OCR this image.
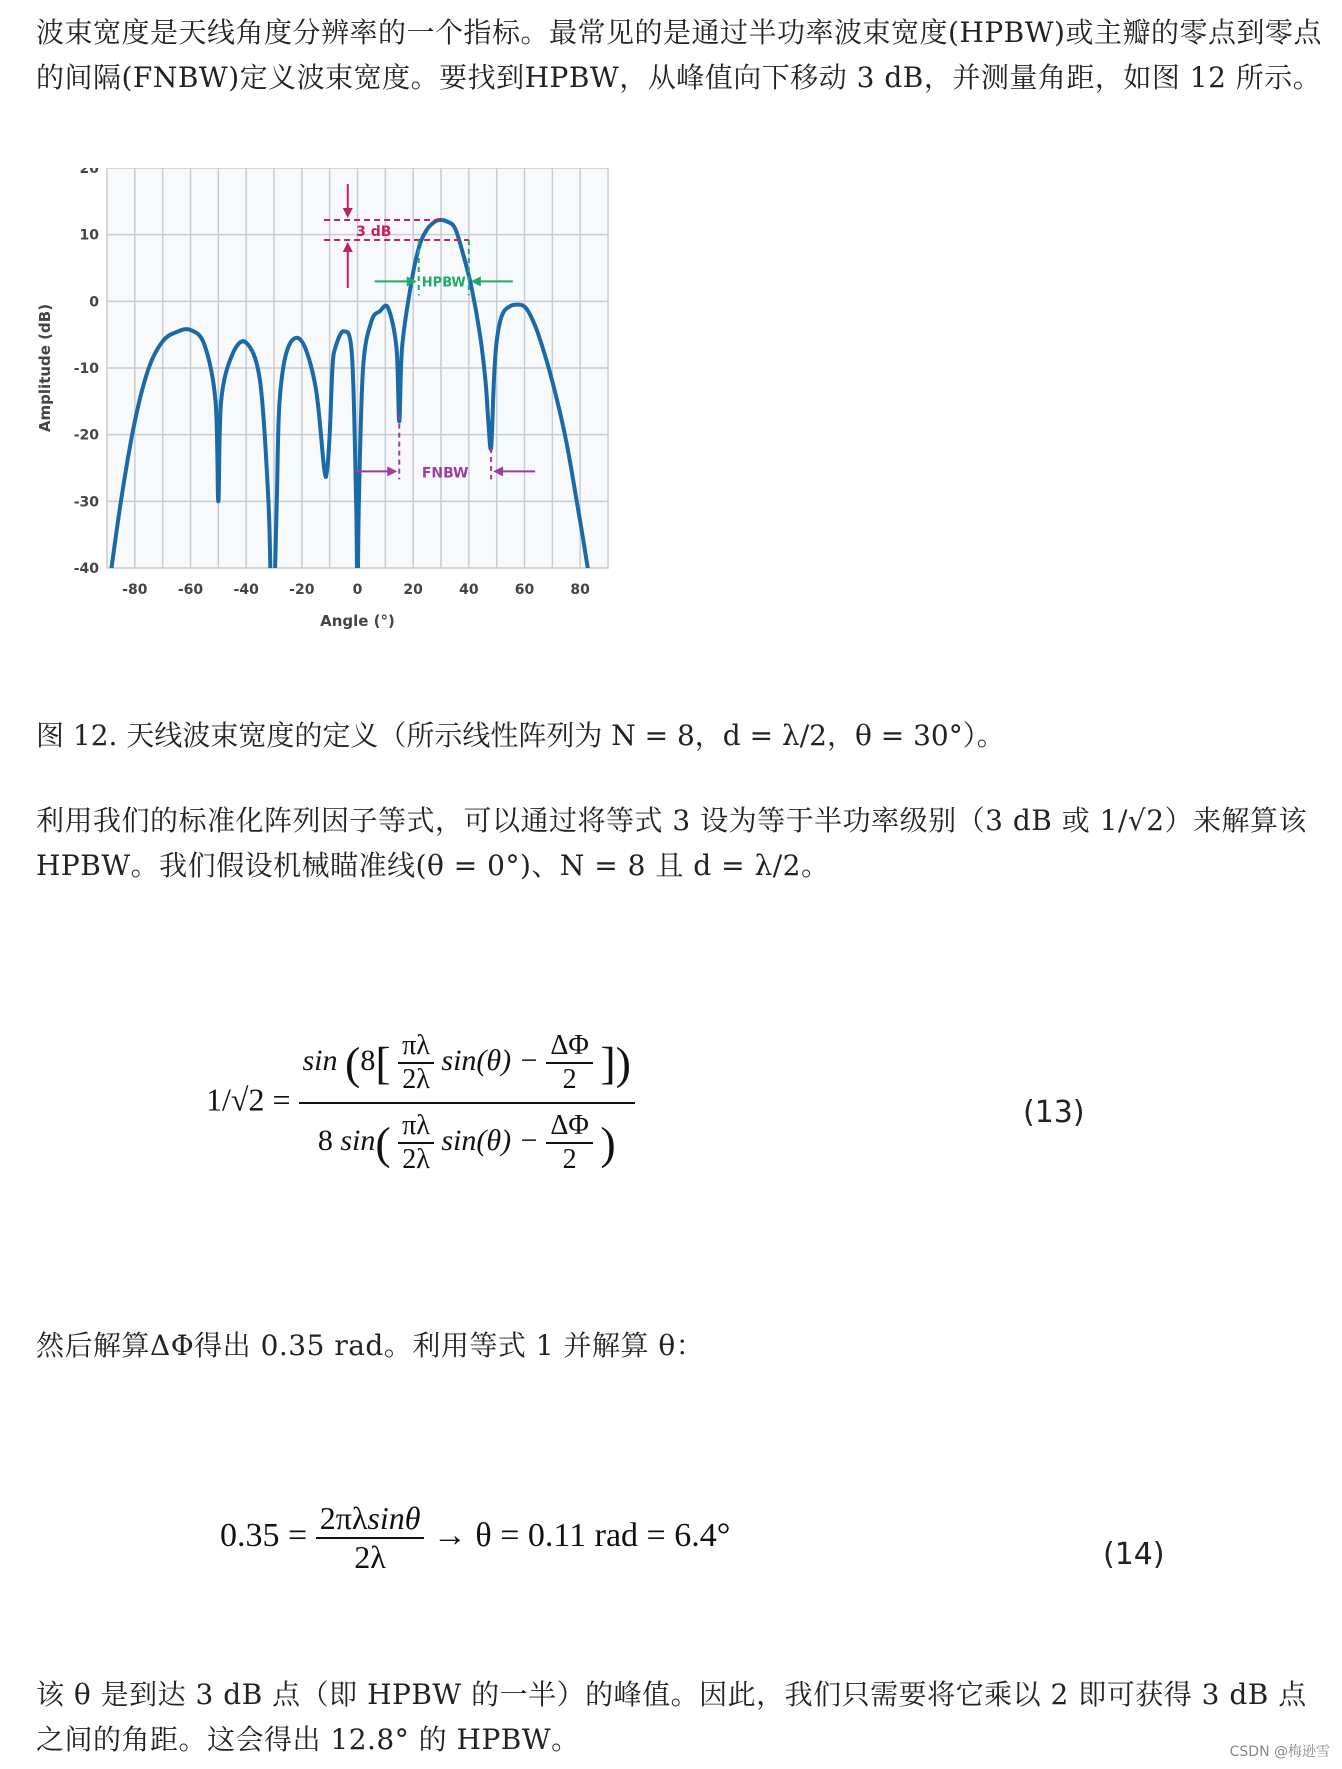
波束宽度是天线角度分辨率的一个指标。最常见的是通过半功率波束宽度(HPBW)或主瓣的零点到零点的间隔(FNBW)定义波束宽度。要找到HPBW，从峰值向下移动 3 dB，并测量角距，如图 12 所示。

-80 -60 -40 -20	0	20	40	60	80
20
10
0
-10
-20
-30
-40
Angle (°)
Amplitude (dB)
3 dB
HPBW
FNBW

图 12. 天线波束宽度的定义（所示线性阵列为 N = 8，d = λ/2，θ = 30°）。

利用我们的标准化阵列因子等式，可以通过将等式 3 设为等于半功率级别（3 dB 或 1/√2）来解算该 HPBW。我们假设机械瞄准线(θ = 0°)、N = 8 且 d = λ/2。

$1/√2 = \frac{\sin (8[ \frac{\pi\lambda}{2\lambda} \sin(\theta) - \frac{\Delta\Phi}{2} ])}{8 \sin( \frac{\pi\lambda}{2\lambda} \sin(\theta) - \frac{\Delta\Phi}{2} )}$	(13)

然后解算ΔΦ得出 0.35 rad。利用等式 1 并解算 θ：

$0.35 = \frac{2\pi\lambda\sin\theta}{2\lambda} \to \theta = 0.11$ rad = 6.4°
(14)

该 θ 是到达 3 dB 点（即 HPBW 的一半）的峰值。因此，我们只需要将它乘以 2 即可获得 3 dB 点之间的角距。这会得出 12.8° 的 HPBW。	CSDN @梅逊雪
